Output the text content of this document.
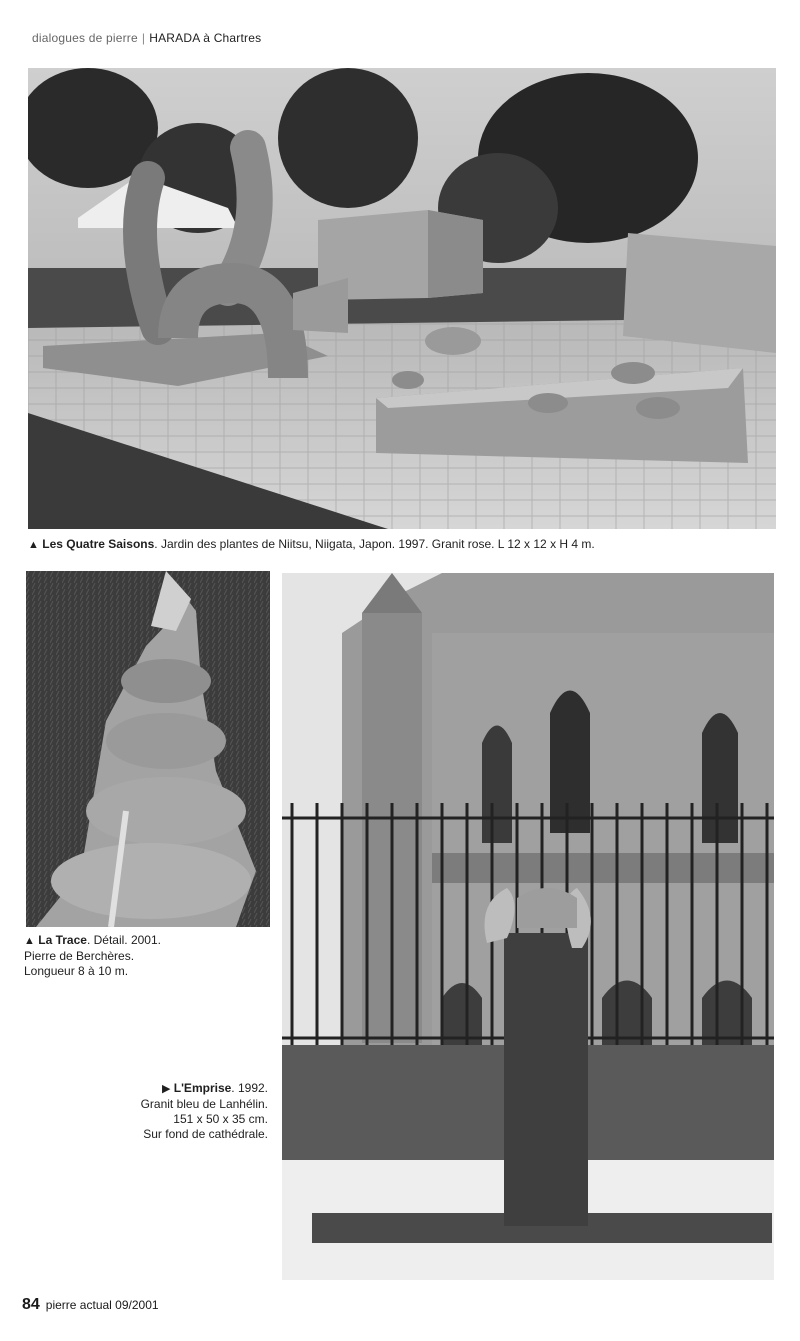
dialogues de pierre | HARADA à Chartres
▲ Les Quatre Saisons. Jardin des plantes de Niitsu, Niigata, Japon. 1997. Granit rose. L 12 x 12 x H 4 m.
▲ La Trace. Détail. 2001.
Pierre de Berchères.
Longueur 8 à 10 m.
▶ L'Emprise. 1992.
Granit bleu de Lanhélin.
151 x 50 x 35 cm.
Sur fond de cathédrale.
84 pierre actual 09/2001
